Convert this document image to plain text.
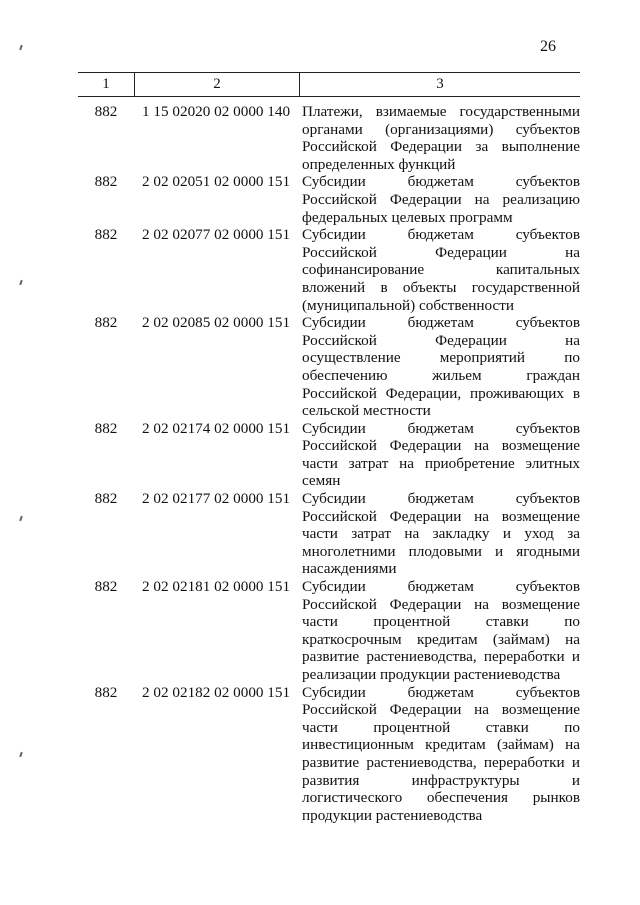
26
1	2	3
882	1 15 02020 02 0000 140 Платежи, взимаемые государственными
органами (организациями) субъектов
Российской Федерации за выполнение
определенных функций
882	2 02 02051 02 0000 151 Субсидии бюджетам субъектов
Российской Федерации на реализацию
федеральных целевых программ
882	2 02 02077 02 0000 151 Субсидии бюджетам субъектов
Российской Федерации на
софинансирование капитальных
вложений в объекты государственной
(муниципальной) собственности
882	2 02 02085 02 0000 151 Субсидии бюджетам субъектов
Российской Федерации на
осуществление мероприятий по
обеспечению жильем граждан
Российской Федерации, проживающих в
сельской местности
882	2 02 02174 02 0000 151 Субсидии бюджетам субъектов
Российской Федерации на возмещение
части затрат на приобретение элитных
семян
882	2 02 02177 02 0000 151 Субсидии бюджетам субъектов
Российской Федерации на возмещение
части затрат на закладку и уход за
многолетними плодовыми и ягодными
насаждениями
882	2 02 02181 02 0000 151 Субсидии бюджетам субъектов
Российской Федерации на возмещение
части процентной ставки по
краткосрочным кредитам (займам) на
развитие растениеводства, переработки и
реализации продукции растениеводства
882	2 02 02182 02 0000 151 Субсидии бюджетам субъектов
Российской Федерации на возмещение
части процентной ставки по
инвестиционным кредитам (займам) на
развитие растениеводства, переработки и
развития инфраструктуры и
логистического обеспечения рынков
продукции растениеводства
